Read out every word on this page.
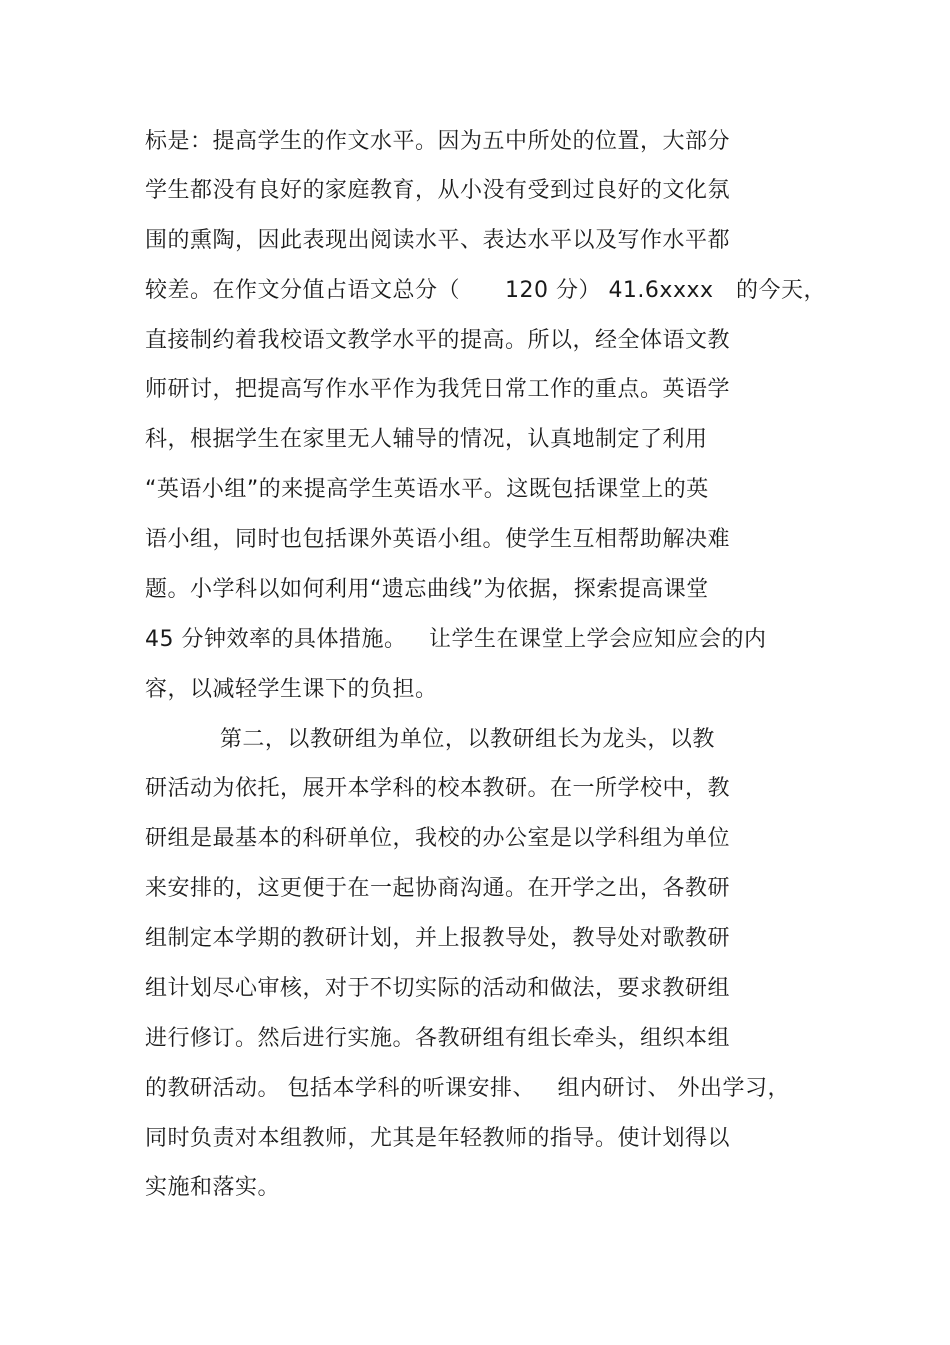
标是：提高学生的作文水平。因为五中所处的位置，大部分
学生都没有良好的家庭教育，从小没有受到过良好的文化氛
围的熏陶，因此表现出阅读水平、表达水平以及写作水平都
较差。在作文分值占语文总分（      120 分） 41.6xxxx   的今天，
直接制约着我校语文教学水平的提高。所以，经全体语文教
师研讨，把提高写作水平作为我凭日常工作的重点。英语学
科，根据学生在家里无人辅导的情况，认真地制定了利用
“英语小组”的来提高学生英语水平。这既包括课堂上的英
语小组，同时也包括课外英语小组。使学生互相帮助解决难
题。小学科以如何利用“遗忘曲线”为依据，探索提高课堂
45 分钟效率的具体措施。   让学生在课堂上学会应知应会的内
容，以减轻学生课下的负担。
第二，以教研组为单位，以教研组长为龙头，以教
研活动为依托，展开本学科的校本教研。在一所学校中，教
研组是最基本的科研单位，我校的办公室是以学科组为单位
来安排的，这更便于在一起协商沟通。在开学之出，各教研
组制定本学期的教研计划，并上报教导处，教导处对歌教研
组计划尽心审核，对于不切实际的活动和做法，要求教研组
进行修订。然后进行实施。各教研组有组长牵头，组织本组
的教研活动。 包括本学科的听课安排、   组内研讨、 外出学习，
同时负责对本组教师，尤其是年轻教师的指导。使计划得以
实施和落实。
